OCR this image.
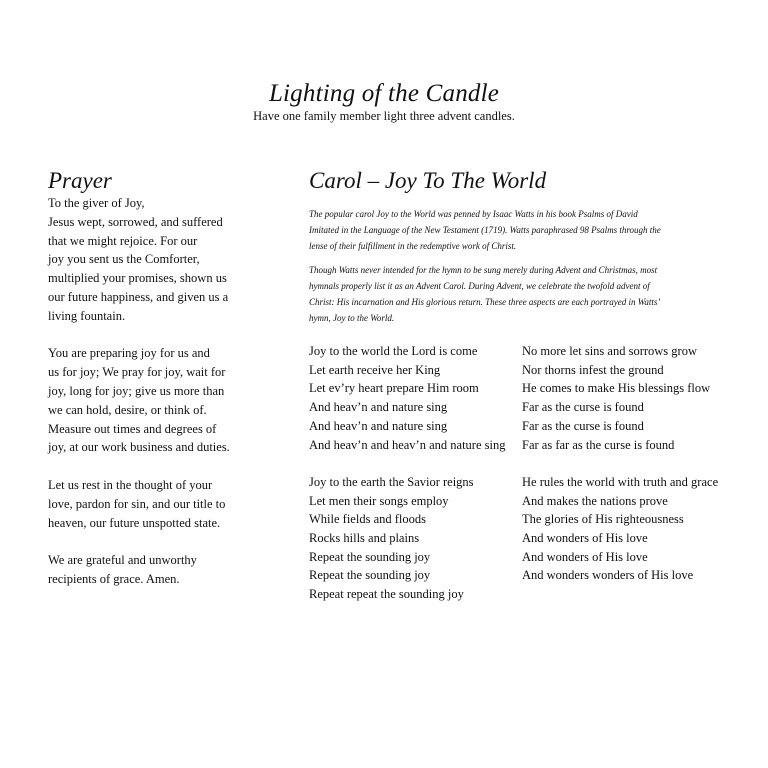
Lighting of the Candle
Have one family member light three advent candles.
Prayer
To the giver of Joy,
Jesus wept, sorrowed, and suffered
that we might rejoice. For our
joy you sent us the Comforter,
multiplied your promises, shown us
our future happiness, and given us a
living fountain.
You are preparing joy for us and
us for joy; We pray for joy, wait for
joy, long for joy; give us more than
we can hold, desire, or think of.
Measure out times and degrees of
joy, at our work business and duties.
Let us rest in the thought of your
love, pardon for sin, and our title to
heaven, our future unspotted state.
We are grateful and unworthy
recipients of grace. Amen.
Carol – Joy To The World
The popular carol Joy to the World was penned by Isaac Watts in his book Psalms of David
Imitated in the Language of the New Testament (1719). Watts paraphrased 98 Psalms through the
lense of their fulfillment in the redemptive work of Christ.
Though Watts never intended for the hymn to be sung merely during Advent and Christmas, most
hymnals properly list it as an Advent Carol. During Advent, we celebrate the twofold advent of
Christ: His incarnation and His glorious return. These three aspects are each portrayed in Watts’
hymn, Joy to the World.
Joy to the world the Lord is come
Let earth receive her King
Let ev’ry heart prepare Him room
And heav’n and nature sing
And heav’n and nature sing
And heav’n and heav’n and nature sing
Joy to the earth the Savior reigns
Let men their songs employ
While fields and floods
Rocks hills and plains
Repeat the sounding joy
Repeat the sounding joy
Repeat repeat the sounding joy
No more let sins and sorrows grow
Nor thorns infest the ground
He comes to make His blessings flow
Far as the curse is found
Far as the curse is found
Far as far as the curse is found
He rules the world with truth and grace
And makes the nations prove
The glories of His righteousness
And wonders of His love
And wonders of His love
And wonders wonders of His love
